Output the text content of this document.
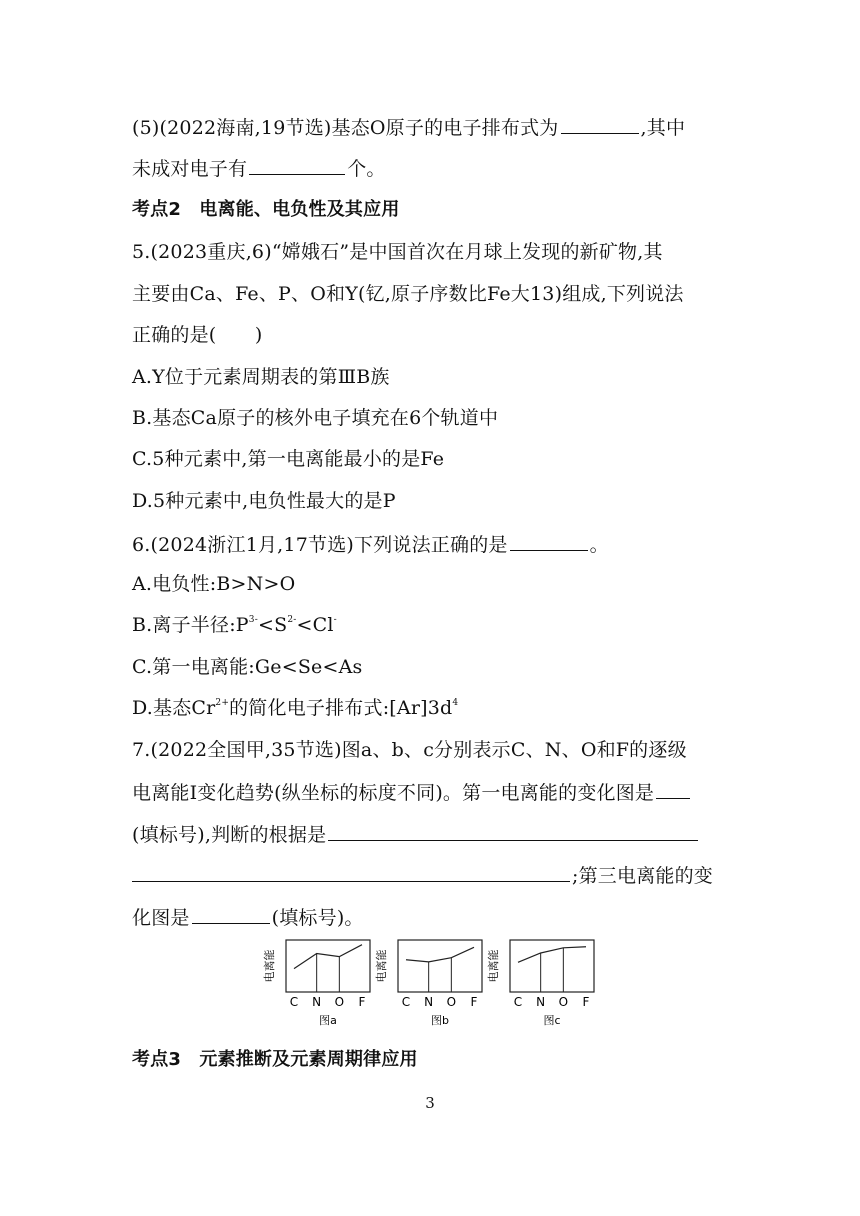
(5)(2022海南,19节选)基态O原子的电子排布式为	,其中
未成对电子有	个。
考点2　电离能、电负性及其应用
5.(2023重庆,6)“嫦娥石”是中国首次在月球上发现的新矿物,其
主要由Ca、Fe、P、O和Y(钇,原子序数比Fe大13)组成,下列说法
正确的是(　　)
A.Y位于元素周期表的第ⅢB族
B.基态Ca原子的核外电子填充在6个轨道中
C.5种元素中,第一电离能最小的是Fe
D.5种元素中,电负性最大的是P
6.(2024浙江1月,17节选)下列说法正确的是	。
A.电负性:B>N>O
B.离子半径$:P^{3-}<S^{2-}<Cl^-$
C.第一电离能:Ge<Se<As
D.基态$Cr^{2+}$的简化电子排布式$:[Ar]3d^4$
7.(2022全国甲,35节选)图a、b、c分别表示C、N、O和F的逐级
电离能I变化趋势(纵坐标的标度不同)。第一电离能的变化图是
(填标号),判断的根据是
;第三电离能的变
化图是	(填标号)。
电离能
C N O F
图a
电离能
C N O F
图b
电离能
C N O F
图c
考点3　元素推断及元素周期律应用
3
